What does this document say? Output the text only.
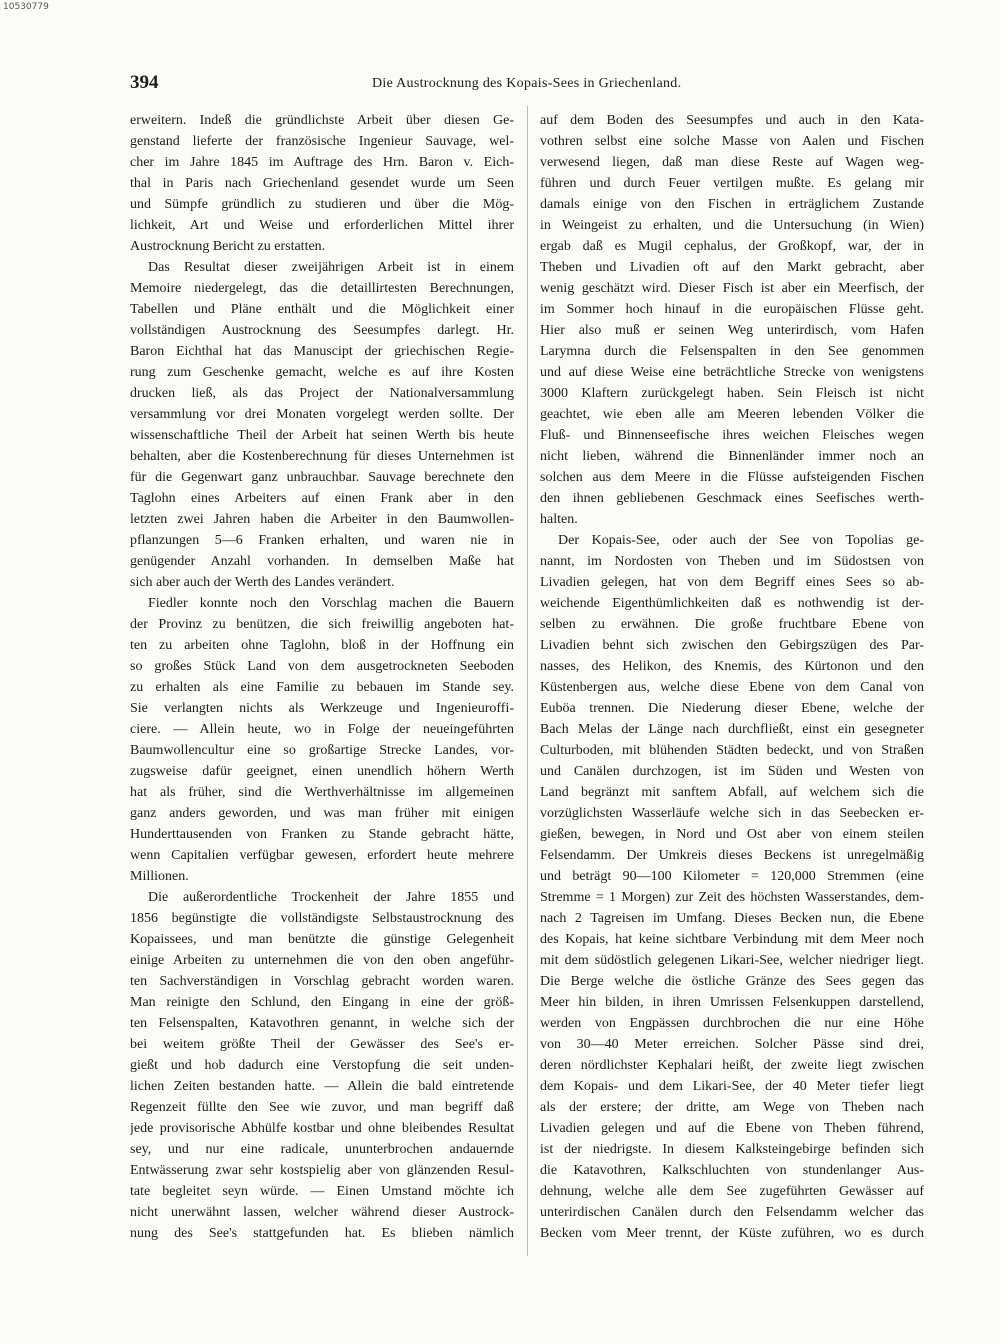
10530779
394	Die Austrocknung des Kopais-Sees in Griechenland.
erweitern. Indeß die gründlichste Arbeit über diesen Ge-
genstand lieferte der französische Ingenieur Sauvage, wel-
cher im Jahre 1845 im Auftrage des Hrn. Baron v. Eich-
thal in Paris nach Griechenland gesendet wurde um Seen
und Sümpfe gründlich zu studieren und über die Mög-
lichkeit, Art und Weise und erforderlichen Mittel ihrer
Austrocknung Bericht zu erstatten.
Das Resultat dieser zweijährigen Arbeit ist in einem
Memoire niedergelegt, das die detaillirtesten Berechnungen,
Tabellen und Pläne enthält und die Möglichkeit einer
vollständigen Austrocknung des Seesumpfes darlegt. Hr.
Baron Eichthal hat das Manuscipt der griechischen Regie-
rung zum Geschenke gemacht, welche es auf ihre Kosten
drucken ließ, als das Project der Nationalversammlung
versammlung vor drei Monaten vorgelegt werden sollte. Der
wissenschaftliche Theil der Arbeit hat seinen Werth bis heute
behalten, aber die Kostenberechnung für dieses Unternehmen ist
für die Gegenwart ganz unbrauchbar. Sauvage berechnete den
Taglohn eines Arbeiters auf einen Frank aber in den
letzten zwei Jahren haben die Arbeiter in den Baumwollen-
pflanzungen 5—6 Franken erhalten, und waren nie in
genügender Anzahl vorhanden. In demselben Maße hat
sich aber auch der Werth des Landes verändert.
Fiedler konnte noch den Vorschlag machen die Bauern
der Provinz zu benützen, die sich freiwillig angeboten hat-
ten zu arbeiten ohne Taglohn, bloß in der Hoffnung ein
so großes Stück Land von dem ausgetrockneten Seeboden
zu erhalten als eine Familie zu bebauen im Stande sey.
Sie verlangten nichts als Werkzeuge und Ingenieuroffi-
ciere. — Allein heute, wo in Folge der neueingeführten
Baumwollencultur eine so großartige Strecke Landes, vor-
zugsweise dafür geeignet, einen unendlich höhern Werth
hat als früher, sind die Werthverhältnisse im allgemeinen
ganz anders geworden, und was man früher mit einigen
Hunderttausenden von Franken zu Stande gebracht hätte,
wenn Capitalien verfügbar gewesen, erfordert heute mehrere
Millionen.
Die außerordentliche Trockenheit der Jahre 1855 und
1856 begünstigte die vollständigste Selbstaustrocknung des
Kopaissees, und man benützte die günstige Gelegenheit
einige Arbeiten zu unternehmen die von den oben angeführ-
ten Sachverständigen in Vorschlag gebracht worden waren.
Man reinigte den Schlund, den Eingang in eine der größ-
ten Felsenspalten, Katavothren genannt, in welche sich der
bei weitem größte Theil der Gewässer des See's er-
gießt und hob dadurch eine Verstopfung die seit unden-
lichen Zeiten bestanden hatte. — Allein die bald eintretende
Regenzeit füllte den See wie zuvor, und man begriff daß
jede provisorische Abhülfe kostbar und ohne bleibendes Resultat
sey, und nur eine radicale, ununterbrochen andauernde
Entwässerung zwar sehr kostspielig aber von glänzenden Resul-
tate begleitet seyn würde. — Einen Umstand möchte ich
nicht unerwähnt lassen, welcher während dieser Austrock-
nung des See's stattgefunden hat. Es blieben nämlich
auf dem Boden des Seesumpfes und auch in den Kata-
vothren selbst eine solche Masse von Aalen und Fischen
verwesend liegen, daß man diese Reste auf Wagen weg-
führen und durch Feuer vertilgen mußte. Es gelang mir
damals einige von den Fischen in erträglichem Zustande
in Weingeist zu erhalten, und die Untersuchung (in Wien)
ergab daß es Mugil cephalus, der Großkopf, war, der in
Theben und Livadien oft auf den Markt gebracht, aber
wenig geschätzt wird. Dieser Fisch ist aber ein Meerfisch, der
im Sommer hoch hinauf in die europäischen Flüsse geht.
Hier also muß er seinen Weg unterirdisch, vom Hafen
Larymna durch die Felsenspalten in den See genommen
und auf diese Weise eine beträchtliche Strecke von wenigstens
3000 Klaftern zurückgelegt haben. Sein Fleisch ist nicht
geachtet, wie eben alle am Meeren lebenden Völker die
Fluß- und Binnenseefische ihres weichen Fleisches wegen
nicht lieben, während die Binnenländer immer noch an
solchen aus dem Meere in die Flüsse aufsteigenden Fischen
den ihnen gebliebenen Geschmack eines Seefisches werth-
halten.
Der Kopais-See, oder auch der See von Topolias ge-
nannt, im Nordosten von Theben und im Südostsen von
Livadien gelegen, hat von dem Begriff eines Sees so ab-
weichende Eigenthümlichkeiten daß es nothwendig ist der-
selben zu erwähnen. Die große fruchtbare Ebene von
Livadien behnt sich zwischen den Gebirgszügen des Par-
nasses, des Helikon, des Knemis, des Kürtonon und den
Küstenbergen aus, welche diese Ebene von dem Canal von
Euböa trennen. Die Niederung dieser Ebene, welche der
Bach Melas der Länge nach durchfließt, einst ein gesegneter
Culturboden, mit blühenden Städten bedeckt, und von Straßen
und Canälen durchzogen, ist im Süden und Westen von
Land begränzt mit sanftem Abfall, auf welchem sich die
vorzüglichsten Wasserläufe welche sich in das Seebecken er-
gießen, bewegen, in Nord und Ost aber von einem steilen
Felsendamm. Der Umkreis dieses Beckens ist unregelmäßig
und beträgt 90—100 Kilometer = 120,000 Stremmen (eine
Stremme = 1 Morgen) zur Zeit des höchsten Wasserstandes, dem-
nach 2 Tagreisen im Umfang. Dieses Becken nun, die Ebene
des Kopais, hat keine sichtbare Verbindung mit dem Meer noch
mit dem südöstlich gelegenen Likari-See, welcher niedriger liegt.
Die Berge welche die östliche Gränze des Sees gegen das
Meer hin bilden, in ihren Umrissen Felsenkuppen darstellend,
werden von Engpässen durchbrochen die nur eine Höhe
von 30—40 Meter erreichen. Solcher Pässe sind drei,
deren nördlichster Kephalari heißt, der zweite liegt zwischen
dem Kopais- und dem Likari-See, der 40 Meter tiefer liegt
als der erstere; der dritte, am Wege von Theben nach
Livadien gelegen und auf die Ebene von Theben führend,
ist der niedrigste. In diesem Kalksteingebirge befinden sich
die Katavothren, Kalkschluchten von stundenlanger Aus-
dehnung, welche alle dem See zugeführten Gewässer auf
unterirdischen Canälen durch den Felsendamm welcher das
Becken vom Meer trennt, der Küste zuführen, wo es durch
